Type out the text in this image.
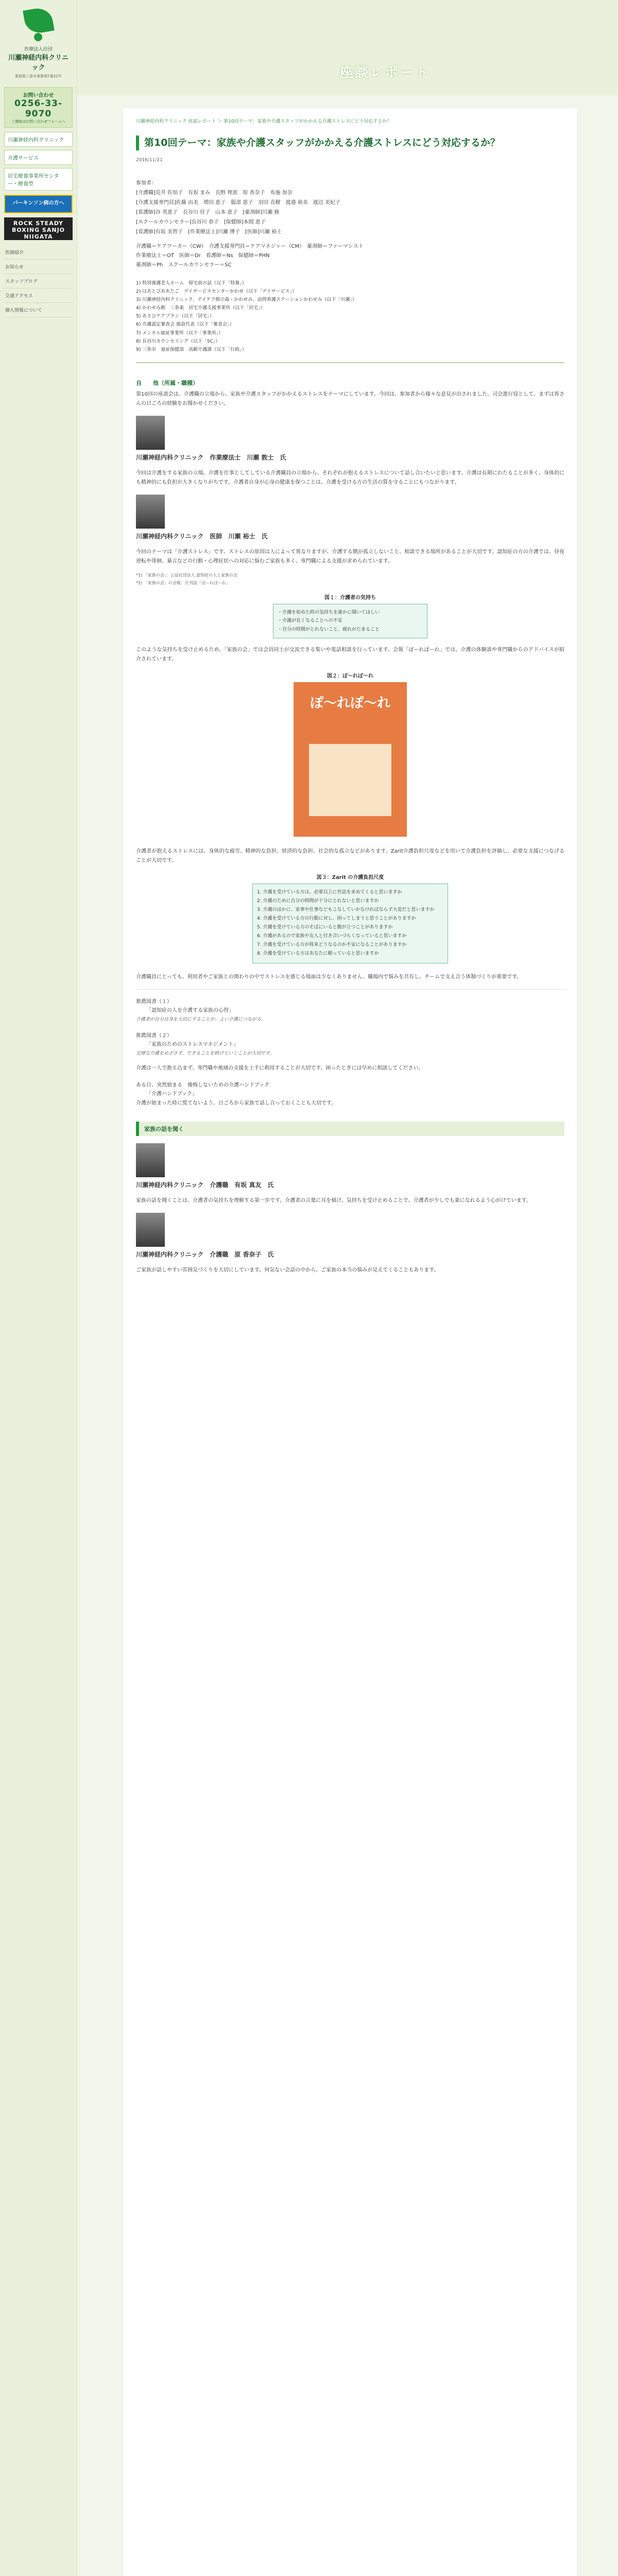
医療法人社団
川瀬神経内科クリニック
新潟県三条市東新保7番22号
お問い合わせ
0256-33-9070
ご連絡はお問い合わせフォームへ
川瀬神経内科クリニック
介護サービス
居宅療養事業所センター・療養型
パーキンソン病の方へ
ROCK STEADY BOXING SANJO NIIGATA
医師紹介
お知らせ
スタッフブログ
交通アクセス
個人情報について
座談レポート
川瀬神経内科クリニック 座談レポート ＞ 第10回テーマ：家族や介護スタッフがかかえる介護ストレスにどう対応するか？
第10回テーマ：家族や介護スタッフがかかえる介護ストレスにどう対応するか？
2016/11/21
参加者：
[介護職]荒井 佐知子　有坂 まみ　長野 理恵　原 香奈子　布施 加奈
[介護支援専門員]佐藤 由美　増田 恵子　服部 恵子　羽田 直樹　渡邉 裕美　渡辺 美紀子
[看護師]谷 英恵子　長谷川 佳子　山本 恵子　[薬剤師]川瀬 修
[スクールカウンセラー]長谷川 恭子　[保健師]本間 恵子
[看護師]有坂 美智子　[作業療法士]川瀬 博子　[医師]川瀬 裕士
介護職＝ケアワーカー（CW）　介護支援専門員＝ケアマネジャー（CM）　薬剤師＝ファーマシスト
作業療法士＝OT　医師＝Dr　看護師＝Ns　保健師＝PHN
薬剤師＝Ph　スクールカウンセラー＝SC
1) 特別養護老人ホーム　帰宅前の話（以下「特養」）
2) はあとぴああたご　デイサービスセンターかわせ（以下「デイサービス」）
3) 川瀬神経内科クリニック、デイケア館の森・かわせみ、訪問看護ステーションかわせみ（以下「川瀬」）
4) かわせみ館　三条東　居宅介護支援事業所（以下「居宅」）
5) あさひケアプラン（以下「居宅」）
6) 介護認定審査会 施設代表（以下「審査会」）
7) メンタル福祉事業所（以下「事業所」）
8) 長谷川カウンセリング（以下「SC」）
9) 三条市　福祉保健部　高齢介護課（以下「行政」）
自　　他（所属・職種）

第10回の座談会は、介護職の立場から、家族や介護スタッフがかかえるストレスをテーマにしています。今回は、参加者から様々な意見が出されました。司会進行役として、まずは皆さんの日ごろの経験をお聞かせください。

川瀬神経内科クリニック　作業療法士　川瀬 敦士　氏

今回は介護をする家族の立場、介護を仕事としてしている介護職員の立場から、それぞれが抱えるストレスについて話し合いたいと思います。介護は長期にわたることが多く、身体的にも精神的にも負担が大きくなりがちです。介護者自身が心身の健康を保つことは、介護を受ける方の生活の質を守ることにもつながります。

川瀬神経内科クリニック　医師　川瀬 裕士　氏

今回のテーマは「介護ストレス」です。ストレスの原因は人によって異なりますが、介護する側が孤立しないこと、相談できる場所があることが大切です。認知症の方の介護では、昼夜逆転や徘徊、暴言などの行動・心理症状への対応に悩むご家族も多く、専門職による支援が求められています。

*1) 「家族の会」：公益社団法人 認知症の人と家族の会
*2) 「家族の会」の会報：月刊誌「ぽーれぽーれ」
図１：介護者の気持ち
・介護を始めた時の気持ちを誰かに聞いてほしい
・介護が長くなることへの不安
・自分の時間がとれないこと、疲れがたまること

このような気持ちを受け止めるため、「家族の会」では会員同士が交流できる集いや電話相談を行っています。会報「ぽーれぽーれ」では、介護の体験談や専門職からのアドバイスが紹介されています。

図２：ぽ～れぽ～れ
ぽ～れぽ～れ

介護者が抱えるストレスには、身体的な疲労、精神的な負担、経済的な負担、社会的な孤立などがあります。Zarit介護負担尺度などを用いて介護負担を評価し、必要な支援につなげることが大切です。

図３：Zarit の介護負担尺度
1. 介護を受けている方は、必要以上に世話を求めてくると思いますか
2. 介護のために自分の時間が十分にとれないと思いますか
3. 介護のほかに、家事や仕事などもこなしていかなければならず大変だと思いますか
4. 介護を受けている方の行動に対し、困ってしまうと思うことがありますか
5. 介護を受けている方のそばにいると腹が立つことがありますか
6. 介護があるので家族や友人と付き合いづらくなっていると思いますか
7. 介護を受けている方が将来どうなるのか不安になることがありますか
8. 介護を受けている方はあなたに頼っていると思いますか

介護職員にとっても、利用者やご家族との関わりの中でストレスを感じる場面は少なくありません。職場内で悩みを共有し、チームで支え合う体制づくりが重要です。

推薦図書（１）
「認知症の人を介護する家族の心得」
介護者が自分自身を大切にすることが、よい介護につながる。
推薦図書（２）
「家族のためのストレスマネジメント」
完璧な介護をめざさず、できることを続けていくことが大切です。

介護は一人で抱え込まず、専門職や地域の支援を上手に利用することが大切です。困ったときには早めに相談してください。

ある日、突然始まる　後悔しないための介護ハンドブック
「介護ハンドブック」

介護が始まった時に慌てないよう、日ごろから家族で話し合っておくことも大切です。

家族の話を聞く
川瀬神経内科クリニック　介護職　有坂 真友　氏

家族の話を聞くことは、介護者の気持ちを理解する第一歩です。介護者の言葉に耳を傾け、気持ちを受け止めることで、介護者が少しでも楽になれるよう心がけています。

川瀬神経内科クリニック　介護職　原 香奈子　氏

ご家族が話しやすい雰囲気づくりを大切にしています。何気ない会話の中から、ご家族の本当の悩みが見えてくることもあります。
